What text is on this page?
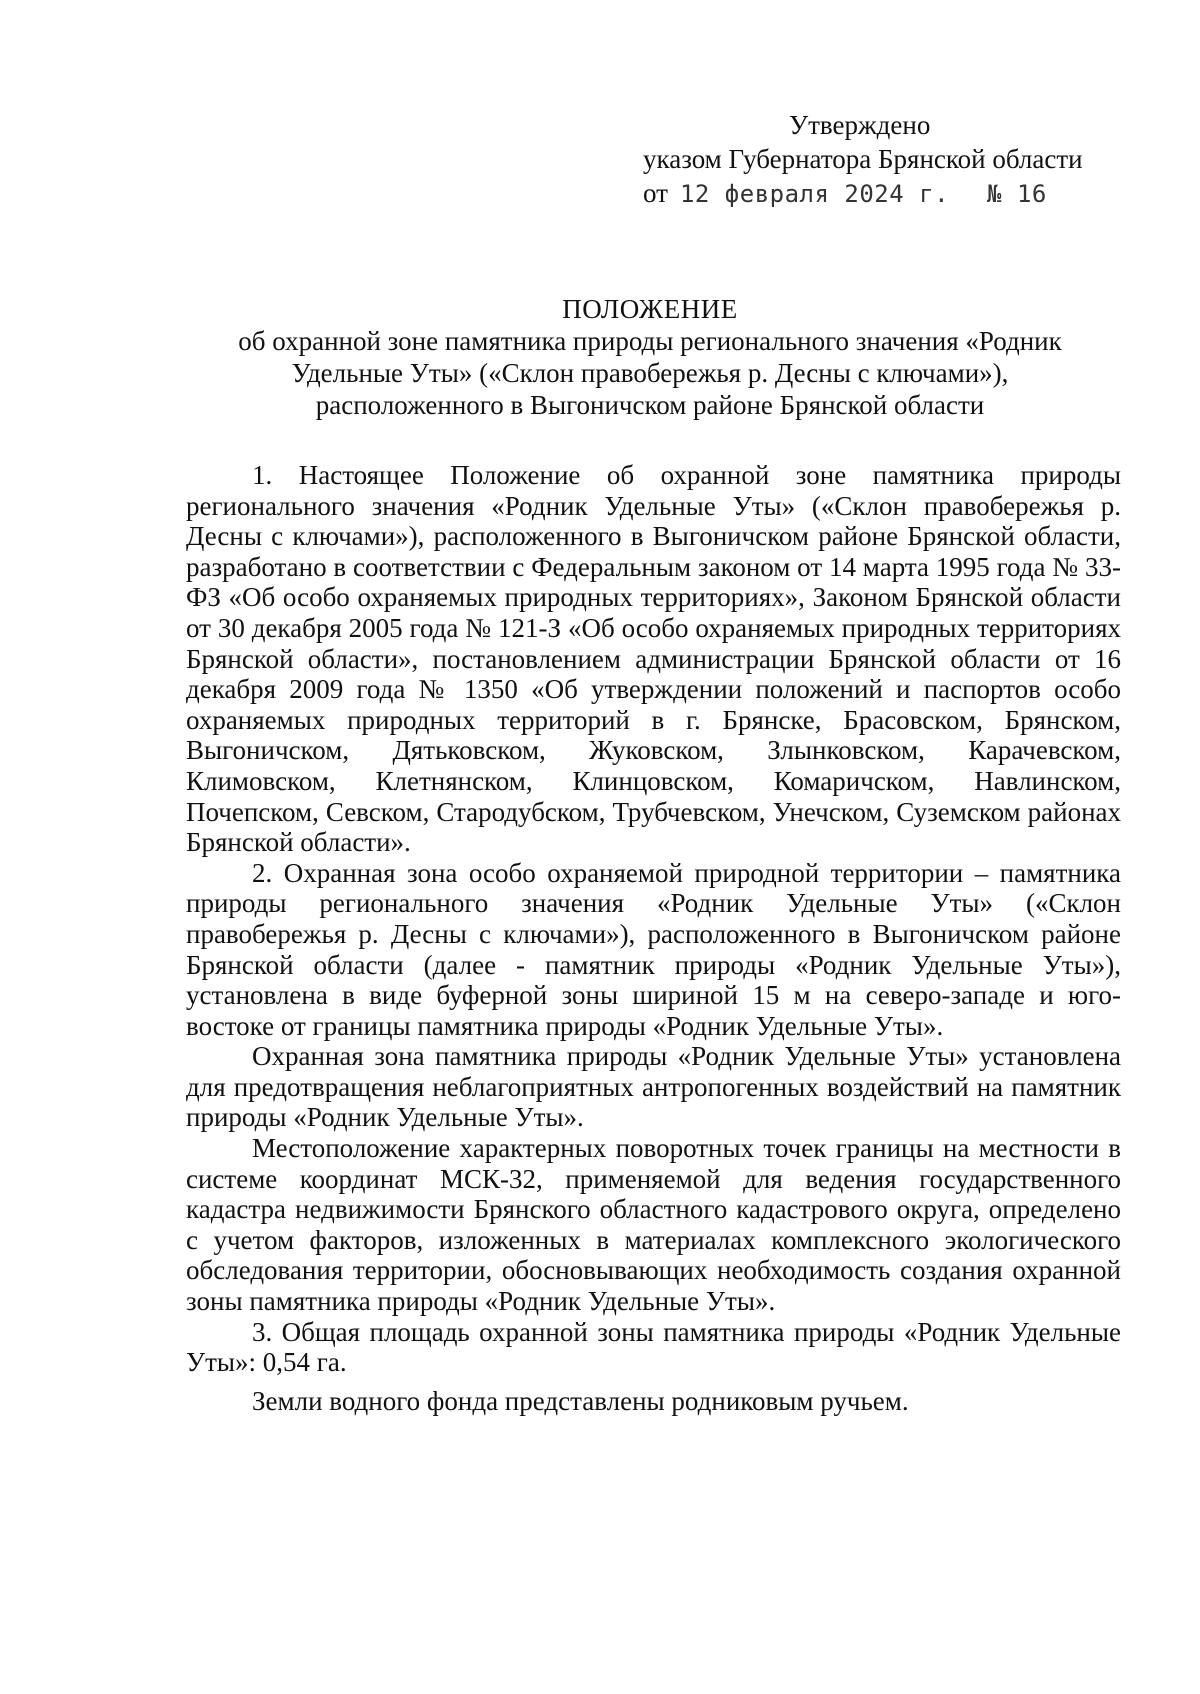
Утверждено
указом Губернатора Брянской области
от 12 февраля 2024 г. № 16
ПОЛОЖЕНИЕ
об охранной зоне памятника природы регионального значения «Родник
Удельные Уты» («Склон правобережья р. Десны с ключами»),
расположенного в Выгоничском районе Брянской области

1. Настоящее Положение об охранной зоне памятника природы регионального значения «Родник Удельные Уты» («Склон правобережья р. Десны с ключами»), расположенного в Выгоничском районе Брянской области, разработано в соответствии с Федеральным законом от 14 марта 1995 года № 33-ФЗ «Об особо охраняемых природных территориях», Законом Брянской области от 30 декабря 2005 года № 121-З «Об особо охраняемых природных территориях Брянской области», постановлением администрации Брянской области от 16 декабря 2009 года № 1350 «Об утверждении положений и паспортов особо охраняемых природных территорий в г. Брянске, Брасовском, Брянском, Выгоничском, Дятьковском, Жуковском, Злынковском, Карачевском, Климовском, Клетнянском, Клинцовском, Комаричском, Навлинском, Почепском, Севском, Стародубском, Трубчевском, Унечском, Суземском районах Брянской области».

2. Охранная зона особо охраняемой природной территории – памятника природы регионального значения «Родник Удельные Уты» («Склон правобережья р. Десны с ключами»), расположенного в Выгоничском районе Брянской области (далее - памятник природы «Родник Удельные Уты»), установлена в виде буферной зоны шириной 15 м на северо-западе и юго-востоке от границы памятника природы «Родник Удельные Уты».

Охранная зона памятника природы «Родник Удельные Уты» установлена для предотвращения неблагоприятных антропогенных воздействий на памятник природы «Родник Удельные Уты».

Местоположение характерных поворотных точек границы на местности в системе координат МСК-32, применяемой для ведения государственного кадастра недвижимости Брянского областного кадастрового округа, определено с учетом факторов, изложенных в материалах комплексного экологического обследования территории, обосновывающих необходимость создания охранной зоны памятника природы «Родник Удельные Уты».

3. Общая площадь охранной зоны памятника природы «Родник Удельные Уты»: 0,54 га.

Земли водного фонда представлены родниковым ручьем.
